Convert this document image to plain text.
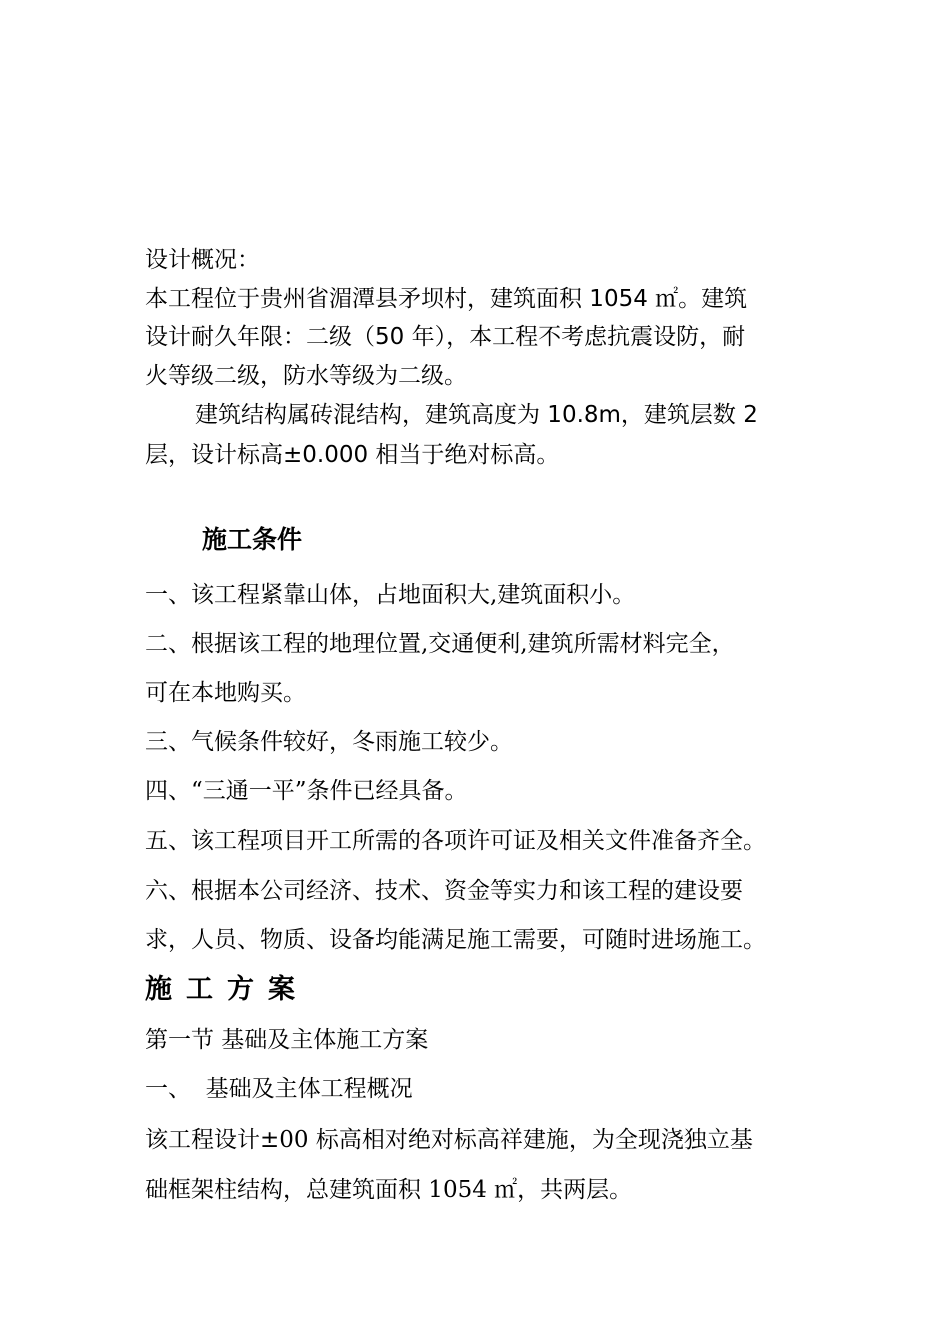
设计概况：

本工程位于贵州省湄潭县矛坝村，建筑面积 1054 ㎡。建筑

设计耐久年限：二级（50 年），本工程不考虑抗震设防，耐

火等级二级，防水等级为二级。

建筑结构属砖混结构，建筑高度为 10.8m，建筑层数 2

层，设计标高±0.000 相当于绝对标高。

施工条件

一、该工程紧靠山体，占地面积大,建筑面积小。

二、根据该工程的地理位置,交通便利,建筑所需材料完全，

可在本地购买。

三、气候条件较好，冬雨施工较少。

四、“三通一平”条件已经具备。

五、该工程项目开工所需的各项许可证及相关文件准备齐全。

六、根据本公司经济、技术、资金等实力和该工程的建设要

求，人员、物质、设备均能满足施工需要，可随时进场施工。

施工方案

第一节 基础及主体施工方案

一、  基础及主体工程概况

该工程设计±00 标高相对绝对标高祥建施，为全现浇独立基

础框架柱结构，总建筑面积 1054 ㎡，共两层。
